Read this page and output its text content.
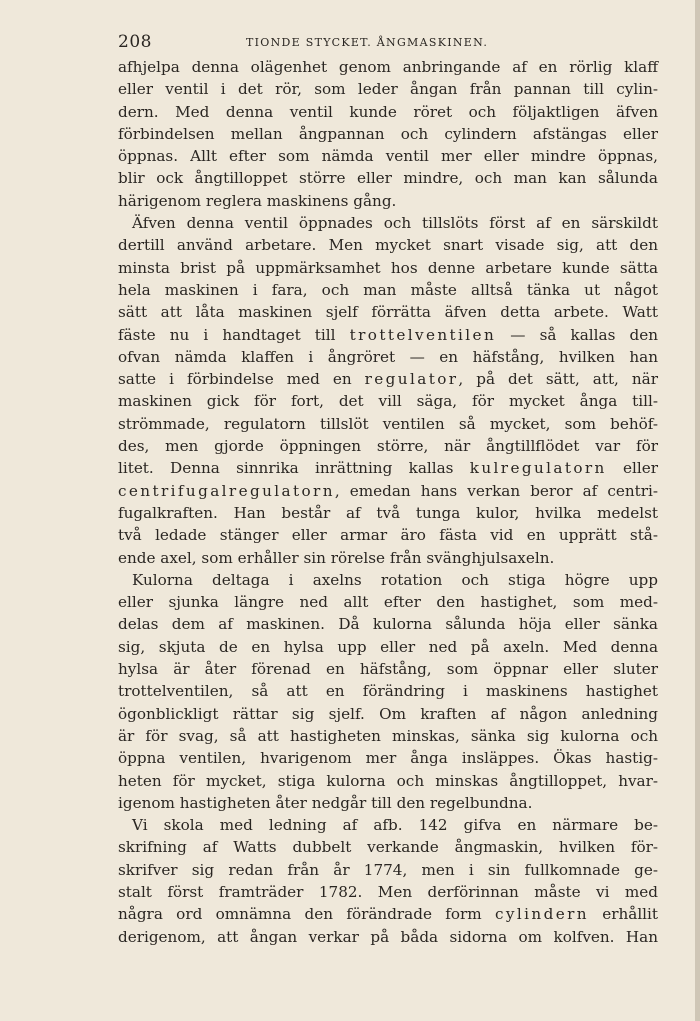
208	TIONDE STYCKET. ÅNGMASKINEN.

afhjelpa denna olägenhet genom anbringande af en rörlig klaff

eller ventil i det rör, som leder ångan från pannan till cylin-

dern. Med denna ventil kunde röret och följaktligen äfven

förbindelsen mellan ångpannan och cylindern afstängas eller

öppnas. Allt efter som nämda ventil mer eller mindre öppnas,

blir ock ångtilloppet större eller mindre, och man kan sålunda

härigenom reglera maskinens gång.

Äfven denna ventil öppnades och tillslöts först af en särskildt

dertill använd arbetare. Men mycket snart visade sig, att den

minsta brist på uppmärksamhet hos denne arbetare kunde sätta

hela maskinen i fara, och man måste alltså tänka ut något

sätt att låta maskinen sjelf förrätta äfven detta arbete. Watt

fäste nu i handtaget till trottelventilen — så kallas den

ofvan nämda klaffen i ångröret — en häfstång, hvilken han

satte i förbindelse med en regulator, på det sätt, att, när

maskinen gick för fort, det vill säga, för mycket ånga till-

strömmade, regulatorn tillslöt ventilen så mycket, som behöf-

des, men gjorde öppningen större, när ångtillflödet var för

litet. Denna sinnrika inrättning kallas kulregulatorn eller

centrifugalregulatorn, emedan hans verkan beror af centri-

fugalkraften. Han består af två tunga kulor, hvilka medelst

två ledade stänger eller armar äro fästa vid en upprätt stå-

ende axel, som erhåller sin rörelse från svänghjulsaxeln.

Kulorna deltaga i axelns rotation och stiga högre upp

eller sjunka längre ned allt efter den hastighet, som med-

delas dem af maskinen. Då kulorna sålunda höja eller sänka

sig, skjuta de en hylsa upp eller ned på axeln. Med denna

hylsa är åter förenad en häfstång, som öppnar eller sluter

trottelventilen, så att en förändring i maskinens hastighet

ögonblickligt rättar sig sjelf. Om kraften af någon anledning

är för svag, så att hastigheten minskas, sänka sig kulorna och

öppna ventilen, hvarigenom mer ånga insläppes. Ökas hastig-

heten för mycket, stiga kulorna och minskas ångtilloppet, hvar-

igenom hastigheten åter nedgår till den regelbundna.

Vi skola med ledning af afb. 142 gifva en närmare be-

skrifning af Watts dubbelt verkande ångmaskin, hvilken för-

skrifver sig redan från år 1774, men i sin fullkomnade ge-

stalt först framträder 1782. Men derförinnan måste vi med

några ord omnämna den förändrade form cylindern erhållit

derigenom, att ångan verkar på båda sidorna om kolfven. Han
